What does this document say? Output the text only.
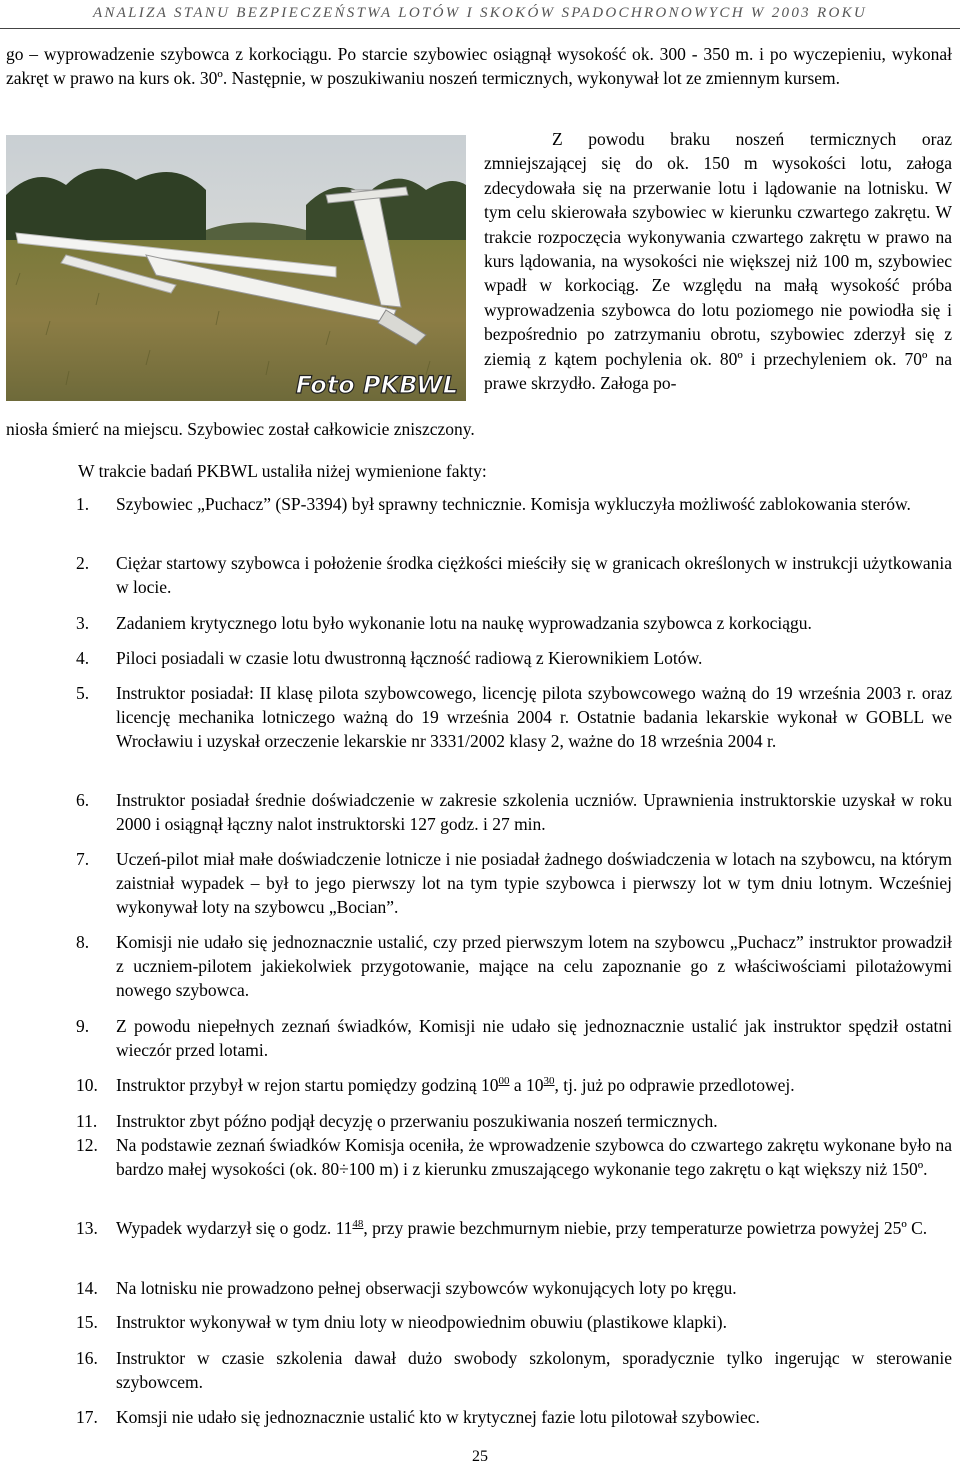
ANALIZA STANU BEZPIECZEŃSTWA LOTÓW I SKOKÓW SPADOCHRONOWYCH W 2003 ROKU

go – wyprowadzenie szybowca z korkociągu. Po starcie szybowiec osiągnął wysokość ok. 300 - 350 m. i po wyczepieniu, wykonał zakręt w prawo na kurs ok. 30º. Następnie, w poszukiwaniu noszeń termicznych, wykonywał lot ze zmiennym kursem.

Foto PKBWL

Z powodu braku noszeń termicznych oraz zmniejszającej się do ok. 150 m wysokości lotu, załoga zdecydowała się na przerwanie lotu i lądowanie na lotnisku. W tym celu skierowała szybowiec w kierunku czwartego zakrętu. W trakcie rozpoczęcia wykonywania czwartego zakrętu w prawo na kurs lądowania, na wysokości nie większej niż 100 m, szybowiec wpadł w korkociąg. Ze względu na małą wysokość próba wyprowadzenia szybowca do lotu poziomego nie powiodła się i bezpośrednio po zatrzymaniu obrotu, szybowiec zderzył się z ziemią z kątem pochylenia ok. 80º i przechyleniem ok. 70º na prawe skrzydło. Załoga po-

niosła śmierć na miejscu. Szybowiec został całkowicie zniszczony.

W trakcie badań PKBWL ustaliła niżej wymienione fakty:

1.	Szybowiec „Puchacz” (SP-3394) był sprawny technicznie. Komisja wykluczyła możliwość zablokowania sterów.
2.	Ciężar startowy szybowca i położenie środka ciężkości mieściły się w granicach określonych w instrukcji użytkowania w locie.
3.	Zadaniem krytycznego lotu było wykonanie lotu na naukę wyprowadzania szybowca z korkociągu.
4.	Piloci posiadali w czasie lotu dwustronną łączność radiową z Kierownikiem Lotów.
5.	Instruktor posiadał: II klasę pilota szybowcowego, licencję pilota szybowcowego ważną do 19 września 2003 r. oraz licencję mechanika lotniczego ważną do 19 września 2004 r. Ostatnie badania lekarskie wykonał w GOBLL we Wrocławiu i uzyskał orzeczenie lekarskie nr 3331/2002 klasy 2, ważne do 18 września 2004 r.
6.	Instruktor posiadał średnie doświadczenie w zakresie szkolenia uczniów. Uprawnienia instruktorskie uzyskał w roku 2000 i osiągnął łączny nalot instruktorski 127 godz. i 27 min.
7.	Uczeń-pilot miał małe doświadczenie lotnicze i nie posiadał żadnego doświadczenia w lotach na szybowcu, na którym zaistniał wypadek – był to jego pierwszy lot na tym typie szybowca i pierwszy lot w tym dniu lotnym. Wcześniej wykonywał loty na szybowcu „Bocian”.
8.	Komisji nie udało się jednoznacznie ustalić, czy przed pierwszym lotem na szybowcu „Puchacz” instruktor prowadził z uczniem-pilotem jakiekolwiek przygotowanie, mające na celu zapoznanie go z właściwościami pilotażowymi nowego szybowca.
9.	Z powodu niepełnych zeznań świadków, Komisji nie udało się jednoznacznie ustalić jak instruktor spędził ostatni wieczór przed lotami.
10.	Instruktor przybył w rejon startu pomiędzy godziną $10^{00}$ a $10^{30}$, tj. już po odprawie przedlotowej.
11.	Instruktor zbyt późno podjął decyzję o przerwaniu poszukiwania noszeń termicznych.
12.	Na podstawie zeznań świadków Komisja oceniła, że wprowadzenie szybowca do czwartego zakrętu wykonane było na bardzo małej wysokości (ok. 80÷100 m) i z kierunku zmuszającego wykonanie tego zakrętu o kąt większy niż 150º.
13.	Wypadek wydarzył się o godz. $11^{48}$, przy prawie bezchmurnym niebie, przy temperaturze powietrza powyżej 25º C.
14.	Na lotnisku nie prowadzono pełnej obserwacji szybowców wykonujących loty po kręgu.
15.	Instruktor wykonywał w tym dniu loty w nieodpowiednim obuwiu (plastikowe klapki).
16.	Instruktor w czasie szkolenia dawał dużo swobody szkolonym, sporadycznie tylko ingerując w sterowanie szybowcem.
17.	Komsji nie udało się jednoznacznie ustalić kto w krytycznej fazie lotu pilotował szybowiec.
25
